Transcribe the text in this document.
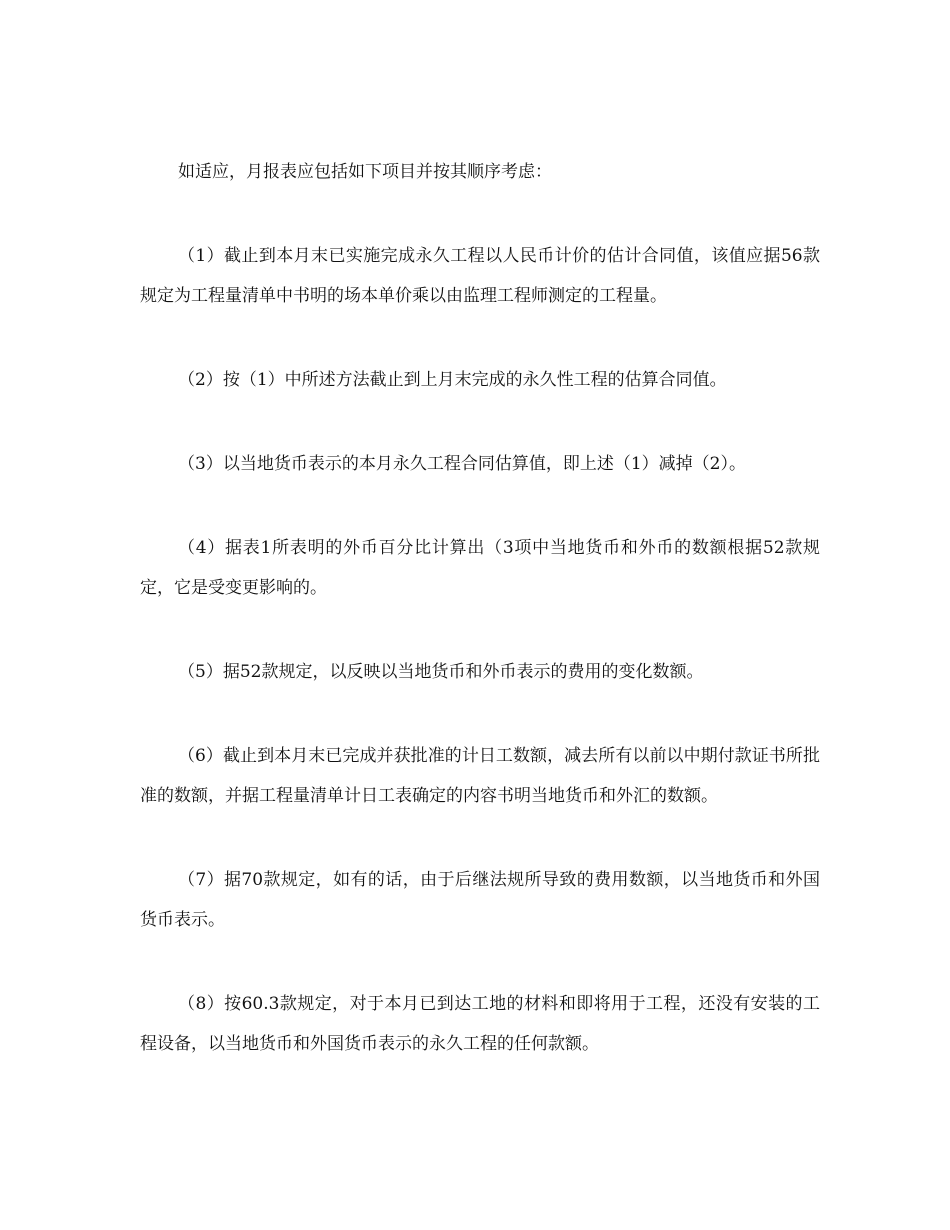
如适应，月报表应包括如下项目并按其顺序考虑：

（1）截止到本月末已实施完成永久工程以人民币计价的估计合同值，该值应据56款规定为工程量清单中书明的场本单价乘以由监理工程师测定的工程量。

（2）按（1）中所述方法截止到上月末完成的永久性工程的估算合同值。

（3）以当地货币表示的本月永久工程合同估算值，即上述（1）减掉（2）。

（4）据表1所表明的外币百分比计算出（3项中当地货币和外币的数额根据52款规定，它是受变更影响的。

（5）据52款规定，以反映以当地货币和外币表示的费用的变化数额。

（6）截止到本月末已完成并获批准的计日工数额，减去所有以前以中期付款证书所批准的数额，并据工程量清单计日工表确定的内容书明当地货币和外汇的数额。

（7）据70款规定，如有的话，由于后继法规所导致的费用数额，以当地货币和外国货币表示。

（8）按60.3款规定，对于本月已到达工地的材料和即将用于工程，还没有安装的工程设备，以当地货币和外国货币表示的永久工程的任何款额。
